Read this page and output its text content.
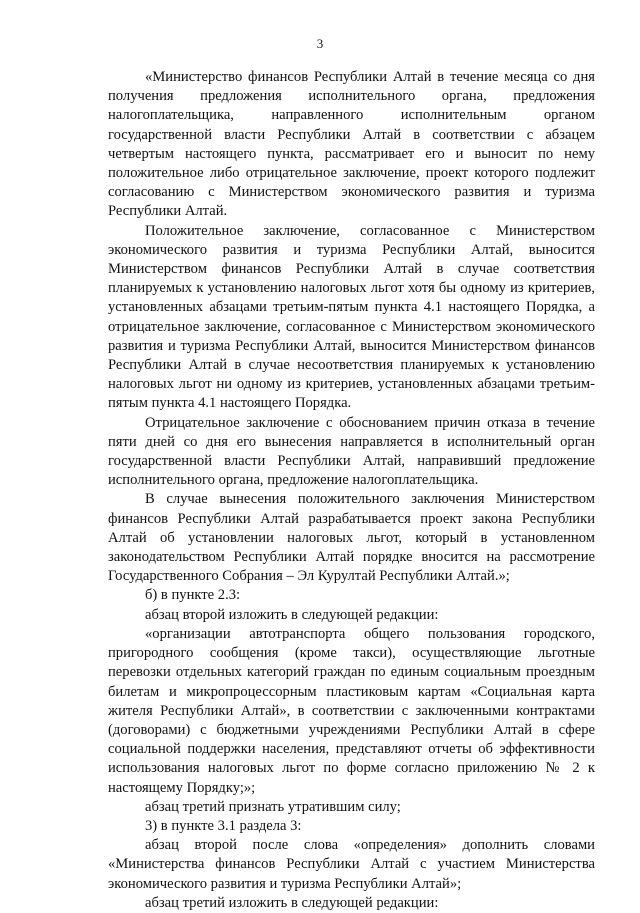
3

«Министерство финансов Республики Алтай в течение месяца со дня получения предложения исполнительного органа, предложения налогоплательщика, направленного исполнительным органом государственной власти Республики Алтай в соответствии с абзацем четвертым настоящего пункта, рассматривает его и выносит по нему положительное либо отрицательное заключение, проект которого подлежит согласованию с Министерством экономического развития и туризма Республики Алтай.

Положительное заключение, согласованное с Министерством экономического развития и туризма Республики Алтай, выносится Министерством финансов Республики Алтай в случае соответствия планируемых к установлению налоговых льгот хотя бы одному из критериев, установленных абзацами третьим-пятым пункта 4.1 настоящего Порядка, а отрицательное заключение, согласованное с Министерством экономического развития и туризма Республики Алтай, выносится Министерством финансов Республики Алтай в случае несоответствия планируемых к установлению налоговых льгот ни одному из критериев, установленных абзацами третьим-пятым пункта 4.1 настоящего Порядка.

Отрицательное заключение с обоснованием причин отказа в течение пяти дней со дня его вынесения направляется в исполнительный орган государственной власти Республики Алтай, направивший предложение исполнительного органа, предложение налогоплательщика.

В случае вынесения положительного заключения Министерством финансов Республики Алтай разрабатывается проект закона Республики Алтай об установлении налоговых льгот, который в установленном законодательством Республики Алтай порядке вносится на рассмотрение Государственного Собрания – Эл Курултай Республики Алтай.»;

б) в пункте 2.3:

абзац второй изложить в следующей редакции:

«организации автотранспорта общего пользования городского, пригородного сообщения (кроме такси), осуществляющие льготные перевозки отдельных категорий граждан по единым социальным проездным билетам и микропроцессорным пластиковым картам «Социальная карта жителя Республики Алтай», в соответствии с заключенными контрактами (договорами) с бюджетными учреждениями Республики Алтай в сфере социальной поддержки населения, представляют отчеты об эффективности использования налоговых льгот по форме согласно приложению № 2 к настоящему Порядку;»;

абзац третий признать утратившим силу;

3) в пункте 3.1 раздела 3:

абзац второй после слова «определения» дополнить словами «Министерства финансов Республики Алтай с участием Министерства экономического развития и туризма Республики Алтай»;

абзац третий изложить в следующей редакции:
